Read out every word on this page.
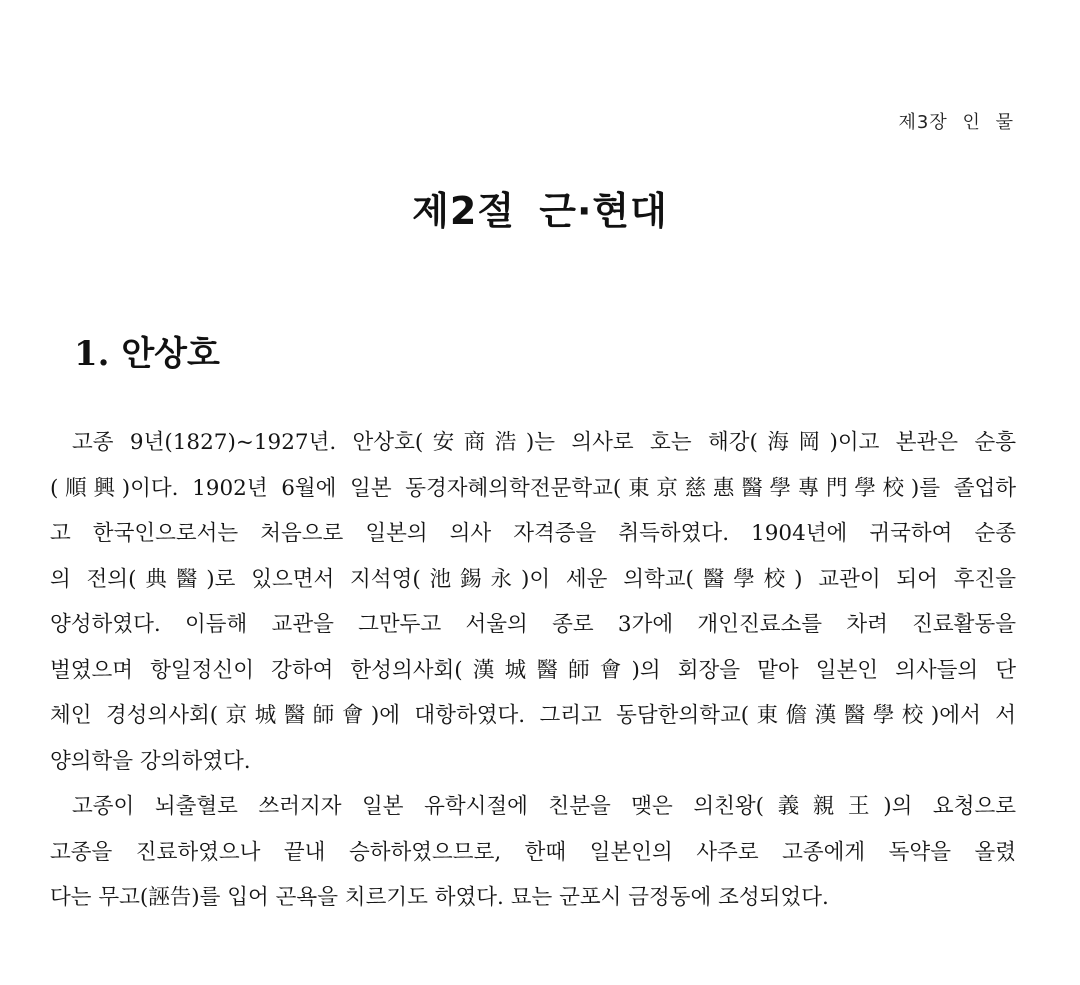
제3장 인 물
제2절 근·현대
1. 안상호
고종 9년(1827)~1927년. 안상호(安商浩)는 의사로 호는 해강(海岡)이고 본관은 순흥
(順興)이다. 1902년 6월에 일본 동경자혜의학전문학교(東京慈惠醫學專門學校)를 졸업하
고 한국인으로서는 처음으로 일본의 의사 자격증을 취득하였다. 1904년에 귀국하여 순종
의 전의(典醫)로 있으면서 지석영(池錫永)이 세운 의학교(醫學校) 교관이 되어 후진을
양성하였다. 이듬해 교관을 그만두고 서울의 종로 3가에 개인진료소를 차려 진료활동을
벌였으며 항일정신이 강하여 한성의사회(漢城醫師會)의 회장을 맡아 일본인 의사들의 단
체인 경성의사회(京城醫師會)에 대항하였다. 그리고 동담한의학교(東儋漢醫學校)에서 서
양의학을 강의하였다.
고종이 뇌출혈로 쓰러지자 일본 유학시절에 친분을 맺은 의친왕(義親王)의 요청으로
고종을 진료하였으나 끝내 승하하였으므로, 한때 일본인의 사주로 고종에게 독약을 올렸
다는 무고(誣告)를 입어 곤욕을 치르기도 하였다. 묘는 군포시 금정동에 조성되었다.
